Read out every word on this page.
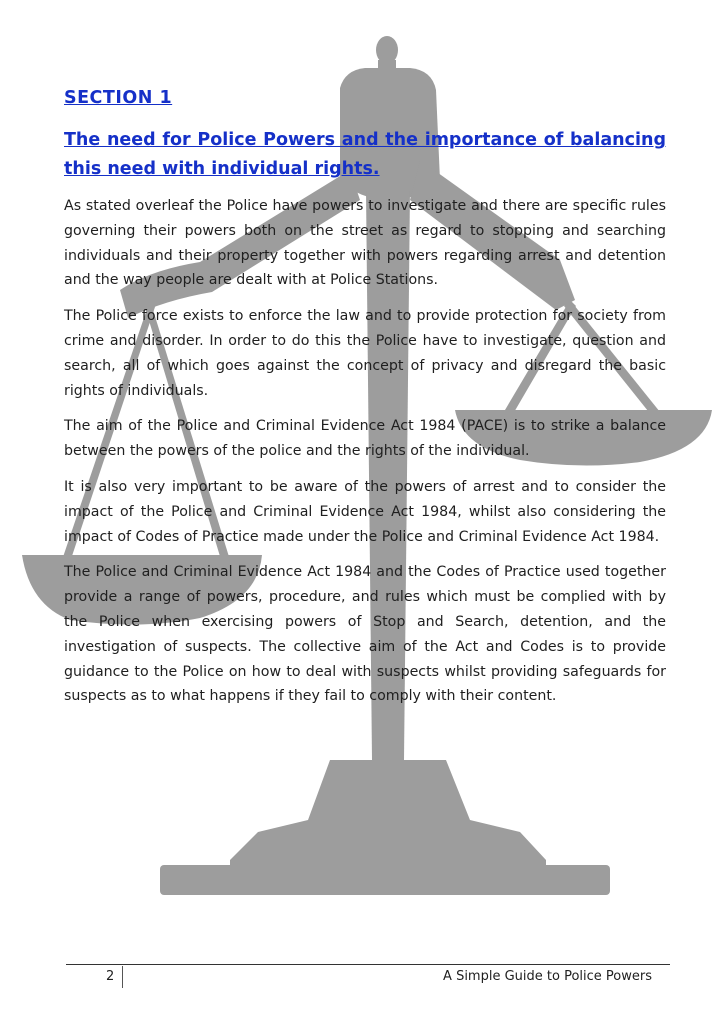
SECTION 1
The need for Police Powers and the importance of balancing this need with individual rights.

As stated overleaf the Police have powers to investigate and there are specific rules governing their powers both on the street as regard to stopping and searching individuals and their property together with powers regarding arrest and detention and the way people are dealt with at Police Stations.

The Police force exists to enforce the law and to provide protection for society from crime and disorder. In order to do this the Police have to investigate, question and search, all of which goes against the concept of privacy and disregard the basic rights of individuals.

The aim of the Police and Criminal Evidence Act 1984 (PACE) is to strike a balance between the powers of the police and the rights of the individual.

It is also very important to be aware of the powers of arrest and to consider the impact of the Police and Criminal Evidence Act 1984, whilst also considering the impact of Codes of Practice made under the Police and Criminal Evidence Act 1984.

The Police and Criminal Evidence Act 1984 and the Codes of Practice used together provide a range of powers, procedure, and rules which must be complied with by the Police when exercising powers of Stop and Search, detention, and the investigation of suspects. The collective aim of the Act and Codes is to provide guidance to the Police on how to deal with suspects whilst providing safeguards for suspects as to what happens if they fail to comply with their content.

2	A Simple Guide to Police Powers
